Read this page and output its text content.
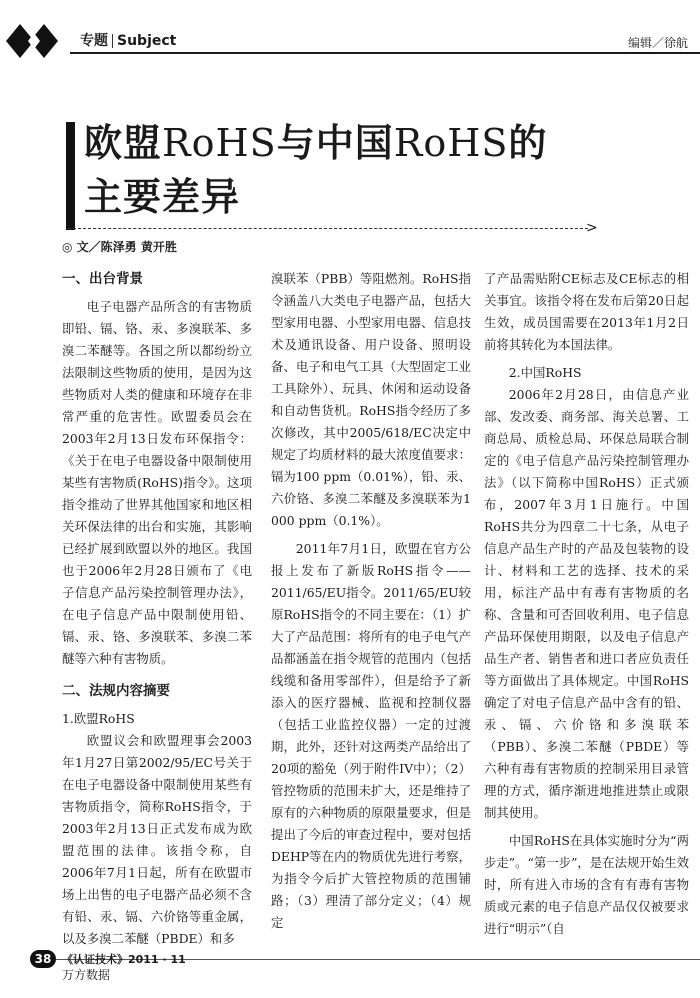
专题 Subject	编辑／徐航
欧盟RoHS与中国RoHS的
主要差异
>
◎ 文／陈泽勇 黄开胜
一、出台背景

电子电器产品所含的有害物质即铅、镉、铬、汞、多溴联苯、多溴二苯醚等。各国之所以都纷纷立法限制这些物质的使用，是因为这些物质对人类的健康和环境存在非常严重的危害性。欧盟委员会在2003年2月13日发布环保指令：《关于在电子电器设备中限制使用某些有害物质(RoHS)指令》。这项指令推动了世界其他国家和地区相关环保法律的出台和实施，其影响已经扩展到欧盟以外的地区。我国也于2006年2月28日颁布了《电子信息产品污染控制管理办法》，在电子信息产品中限制使用铅、镉、汞、铬、多溴联苯、多溴二苯醚等六种有害物质。

二、法规内容摘要
1.欧盟RoHS

欧盟议会和欧盟理事会2003年1月27日第2002/95/EC号关于在电子电器设备中限制使用某些有害物质指令，简称RoHS指令，于2003年2月13日正式发布成为欧盟范围的法律。该指令称，自2006年7月1日起，所有在欧盟市场上出售的电子电器产品必须不含有铅、汞、镉、六价铬等重金属，以及多溴二苯醚（PBDE）和多

溴联苯（PBB）等阻燃剂。RoHS指令涵盖八大类电子电器产品，包括大型家用电器、小型家用电器、信息技术及通讯设备、用户设备、照明设备、电子和电气工具（大型固定工业工具除外）、玩具、休闲和运动设备和自动售货机。RoHS指令经历了多次修改，其中2005/618/EC决定中规定了均质材料的最大浓度值要求：镉为100 ppm（0.01%），铅、汞、六价铬、多溴二苯醚及多溴联苯为1 000 ppm（0.1%）。

2011年7月1日，欧盟在官方公报上发布了新版RoHS指令——2011/65/EU指令。2011/65/EU较原RoHS指令的不同主要在：（1）扩大了产品范围：将所有的电子电气产品都涵盖在指令规管的范围内（包括线缆和备用零部件），但是给予了新添入的医疗器械、监视和控制仪器（包括工业监控仪器）一定的过渡期，此外，还针对这两类产品给出了20项的豁免（列于附件IV中）；（2）管控物质的范围未扩大，还是维持了原有的六种物质的原限量要求，但是提出了今后的审查过程中，要对包括DEHP等在内的物质优先进行考察，为指令今后扩大管控物质的范围铺路；（3）理清了部分定义；（4）规定

了产品需贴附CE标志及CE标志的相关事宜。该指令将在发布后第20日起生效，成员国需要在2013年1月2日前将其转化为本国法律。

2.中国RoHS

2006年2月28日，由信息产业部、发改委、商务部、海关总署、工商总局、质检总局、环保总局联合制定的《电子信息产品污染控制管理办法》（以下简称中国RoHS）正式颁布，2007年3月1日施行。中国RoHS共分为四章二十七条，从电子信息产品生产时的产品及包装物的设计、材料和工艺的选择、技术的采用，标注产品中有毒有害物质的名称、含量和可否回收利用、电子信息产品环保使用期限，以及电子信息产品生产者、销售者和进口者应负责任等方面做出了具体规定。中国RoHS确定了对电子信息产品中含有的铅、汞、镉、六价铬和多溴联苯（PBB）、多溴二苯醚（PBDE）等六种有毒有害物质的控制采用目录管理的方式，循序渐进地推进禁止或限制其使用。

中国RoHS在具体实施时分为“两步走”。“第一步”，是在法规开始生效时，所有进入市场的含有有毒有害物质或元素的电子信息产品仅仅被要求进行“明示”（自

38 《认证技术》2011 · 11
万方数据
